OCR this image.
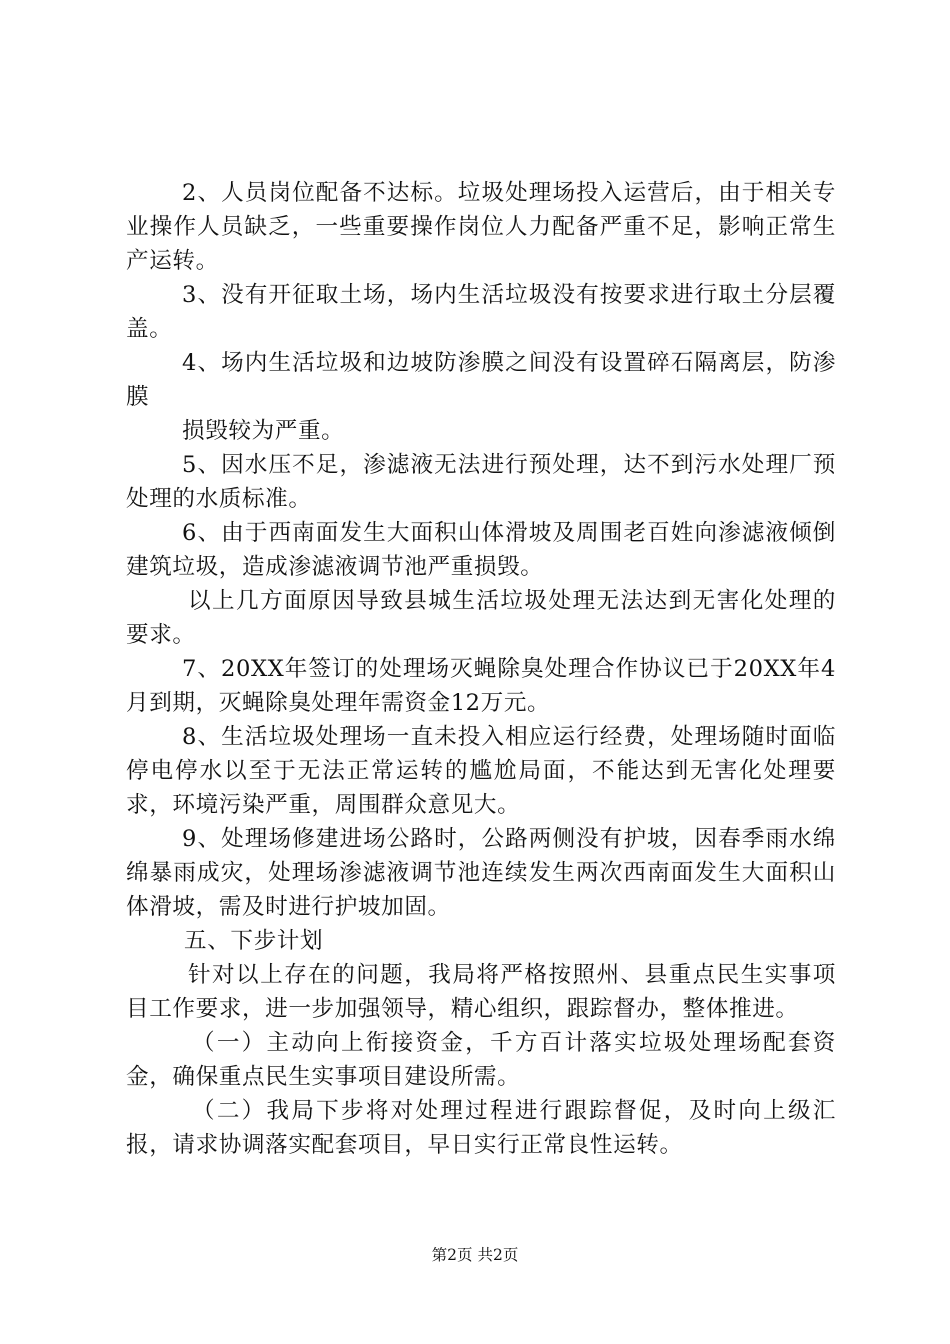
2、人员岗位配备不达标。垃圾处理场投入运营后，由于相关专业操作人员缺乏，一些重要操作岗位人力配备严重不足，影响正常生产运转。

3、没有开征取土场，场内生活垃圾没有按要求进行取土分层覆盖。

4、场内生活垃圾和边坡防渗膜之间没有设置碎石隔离层，防渗膜

损毁较为严重。

5、因水压不足，渗滤液无法进行预处理，达不到污水处理厂预处理的水质标准。

6、由于西南面发生大面积山体滑坡及周围老百姓向渗滤液倾倒建筑垃圾，造成渗滤液调节池严重损毁。

以上几方面原因导致县城生活垃圾处理无法达到无害化处理的要求。

7、20XX年签订的处理场灭蝇除臭处理合作协议已于20XX年4月到期，灭蝇除臭处理年需资金12万元。

8、生活垃圾处理场一直未投入相应运行经费，处理场随时面临停电停水以至于无法正常运转的尴尬局面，不能达到无害化处理要求，环境污染严重，周围群众意见大。

9、处理场修建进场公路时，公路两侧没有护坡，因春季雨水绵绵暴雨成灾，处理场渗滤液调节池连续发生两次西南面发生大面积山体滑坡，需及时进行护坡加固。

五、下步计划

针对以上存在的问题，我局将严格按照州、县重点民生实事项目工作要求，进一步加强领导，精心组织，跟踪督办，整体推进。

（一）主动向上衔接资金，千方百计落实垃圾处理场配套资金，确保重点民生实事项目建设所需。

（二）我局下步将对处理过程进行跟踪督促，及时向上级汇报，请求协调落实配套项目，早日实行正常良性运转。

第2页 共2页
